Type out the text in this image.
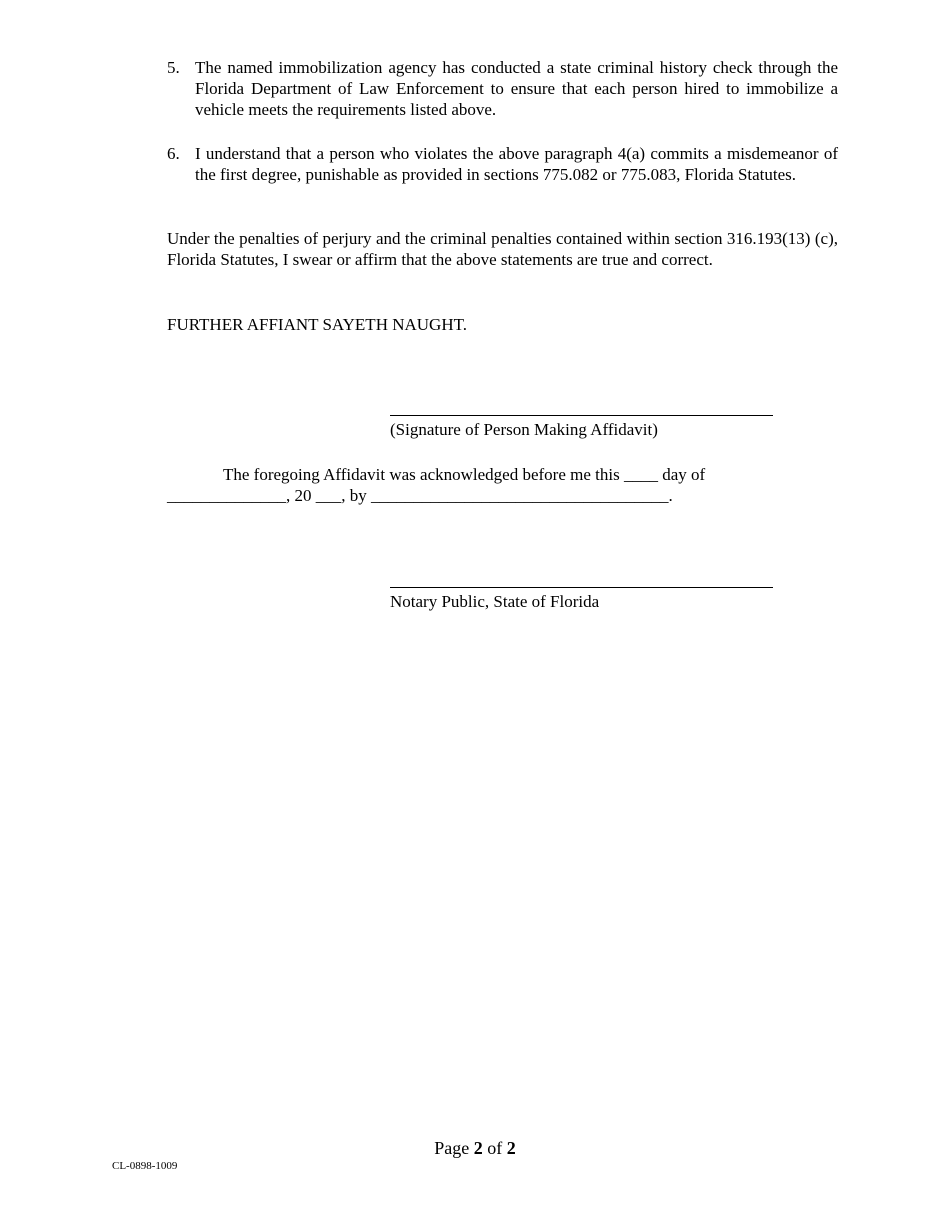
5. The named immobilization agency has conducted a state criminal history check through the Florida Department of Law Enforcement to ensure that each person hired to immobilize a vehicle meets the requirements listed above.
6. I understand that a person who violates the above paragraph 4(a) commits a misdemeanor of the first degree, punishable as provided in sections 775.082 or 775.083, Florida Statutes.
Under the penalties of perjury and the criminal penalties contained within section 316.193(13) (c), Florida Statutes, I swear or affirm that the above statements are true and correct.
FURTHER AFFIANT SAYETH NAUGHT.
(Signature of Person Making Affidavit)
The foregoing Affidavit was acknowledged before me this ____ day of
______________, 20 ___, by ___________________________________.
Notary Public, State of Florida
Page 2 of 2
CL-0898-1009
